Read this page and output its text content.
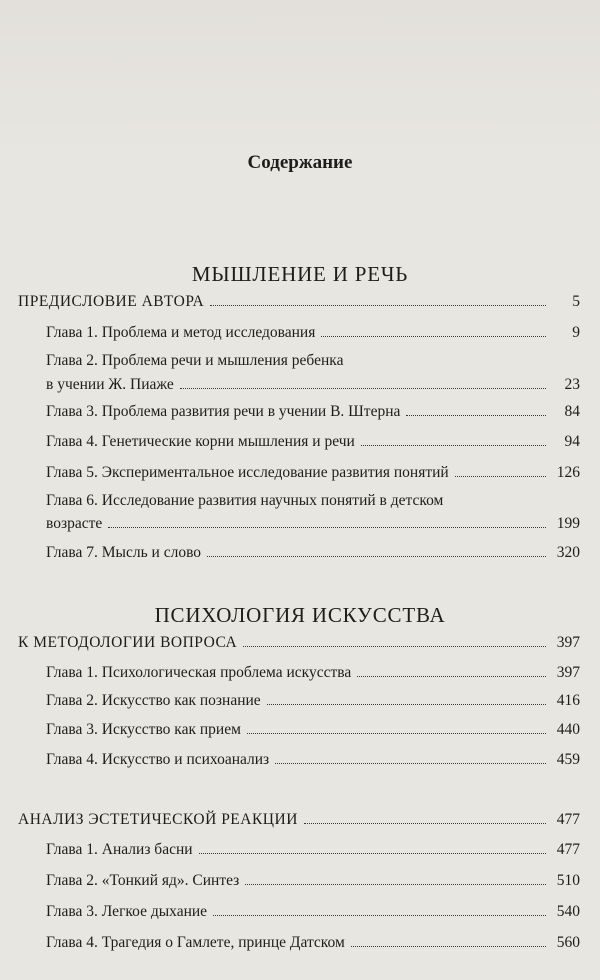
Содержание
МЫШЛЕНИЕ И РЕЧЬ
ПРЕДИСЛОВИЕ АВТОРА	5
Глава 1. Проблема и метод исследования	9
Глава 2. Проблема речи и мышления ребенка
в учении Ж. Пиаже	23
Глава 3. Проблема развития речи в учении В. Штерна	84
Глава 4. Генетические корни мышления и речи	94
Глава 5. Экспериментальное исследование развития понятий	126
Глава 6. Исследование развития научных понятий в детском
возрасте	199
Глава 7. Мысль и слово	320
ПСИХОЛОГИЯ ИСКУССТВА
К МЕТОДОЛОГИИ ВОПРОСА	397
Глава 1. Психологическая проблема искусства	397
Глава 2. Искусство как познание	416
Глава 3. Искусство как прием	440
Глава 4. Искусство и психоанализ	459
АНАЛИЗ ЭСТЕТИЧЕСКОЙ РЕАКЦИИ	477
Глава 1. Анализ басни	477
Глава 2. «Тонкий яд». Синтез	510
Глава 3. Легкое дыхание	540
Глава 4. Трагедия о Гамлете, принце Датском	560
